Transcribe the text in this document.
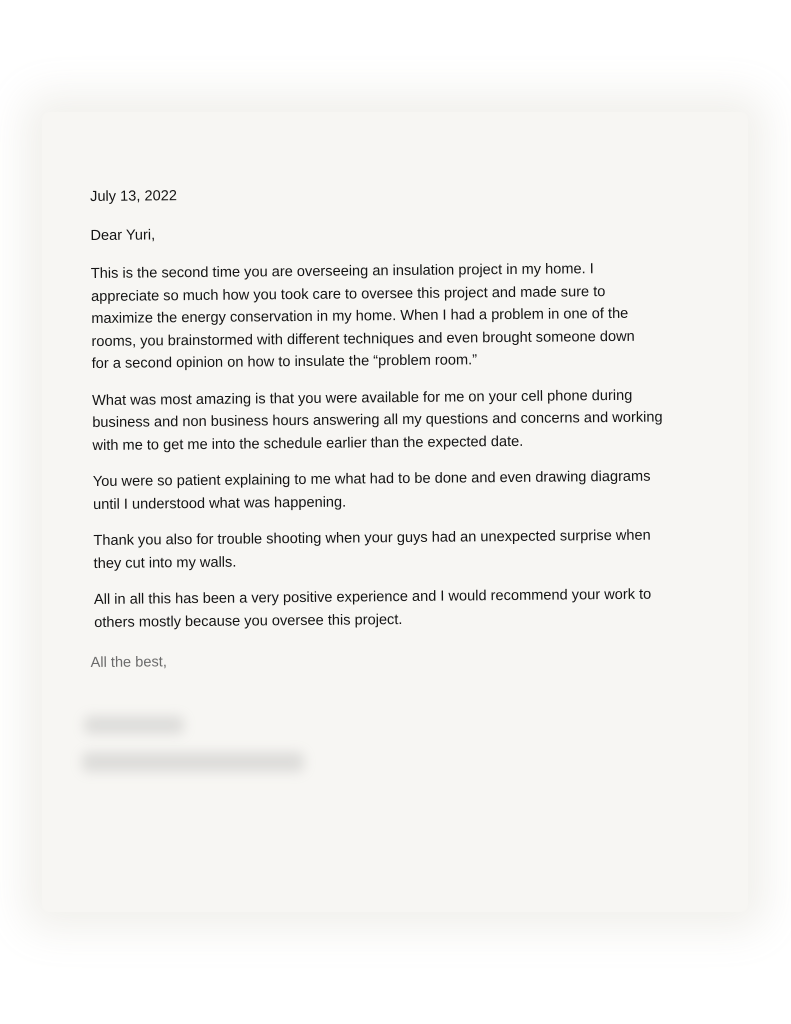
July 13, 2022
Dear Yuri,
This is the second time you are overseeing an insulation project in my home. I
appreciate so much how you took care to oversee this project and made sure to
maximize the energy conservation in my home. When I had a problem in one of the
rooms, you brainstormed with different techniques and even brought someone down
for a second opinion on how to insulate the “problem room.”
What was most amazing is that you were available for me on your cell phone during
business and non business hours answering all my questions and concerns and working
with me to get me into the schedule earlier than the expected date.
You were so patient explaining to me what had to be done and even drawing diagrams
until I understood what was happening.
Thank you also for trouble shooting when your guys had an unexpected surprise when
they cut into my walls.
All in all this has been a very positive experience and I would recommend your work to
others mostly because you oversee this project.
All the best,
